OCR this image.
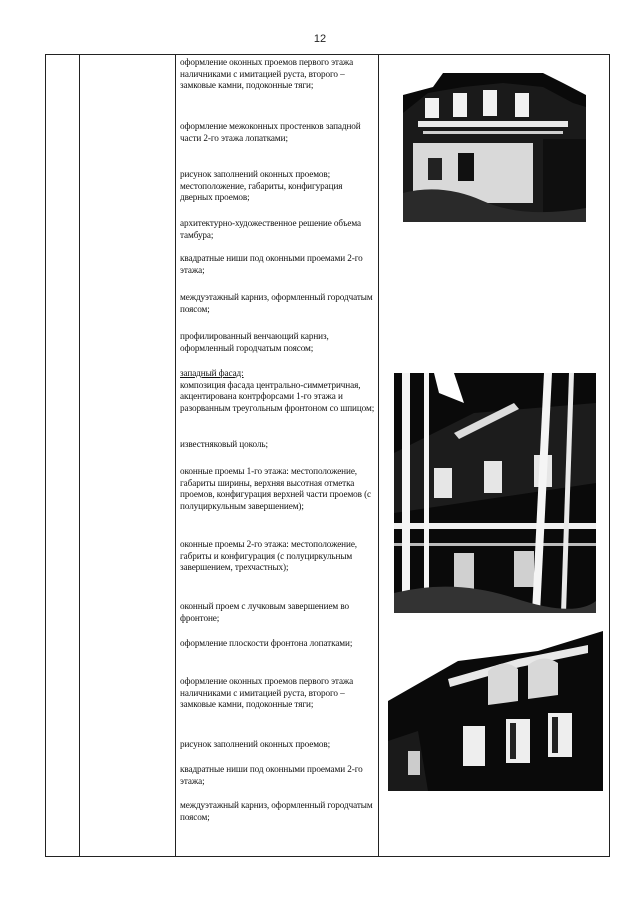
12

оформление оконных проемов первого этажа наличниками с имитацией руста, второго – замковые камни, подоконные тяги;

оформление межоконных простенков западной части 2-го этажа лопатками;

рисунок заполнений оконных проемов; местоположение, габариты, конфигурация дверных проемов;

архитектурно-художественное решение объема тамбура;

квадратные ниши под оконными проемами 2-го этажа;

междуэтажный карниз, оформленный городчатым поясом;

профилированный венчающий карниз, оформленный городчатым поясом;

западный фасад:
композиция фасада центрально-симметричная, акцентирована контрфорсами 1-го этажа и разорванным треугольным фронтоном со шпицом;

известняковый цоколь;

оконные проемы 1-го этажа: местоположение, габариты ширины, верхняя высотная отметка проемов, конфигурация верхней части проемов (с полуциркульным завершением);

оконные проемы 2-го этажа: местоположение, габриты и конфигурация (с полуциркульным завершением, трехчастных);

оконный проем с лучковым завершением во фронтоне;

оформление плоскости фронтона лопатками;

оформление оконных проемов первого этажа наличниками с имитацией руста, второго – замковые камни, подоконные тяги;

рисунок заполнений оконных проемов;

квадратные ниши под оконными проемами 2-го этажа;

междуэтажный карниз, оформленный городчатым поясом;
